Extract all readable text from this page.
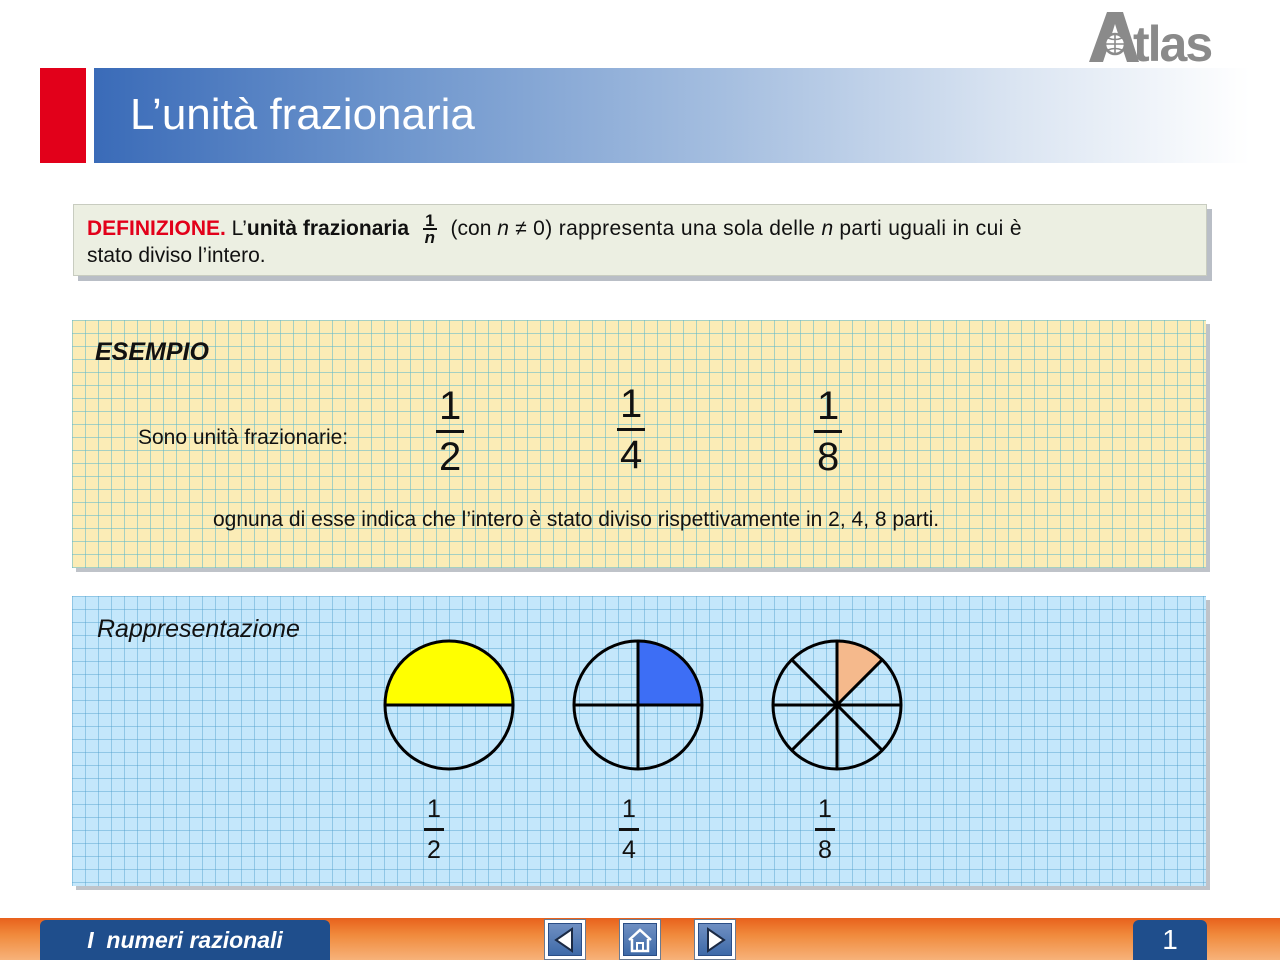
tlas
L’unità frazionaria
DEFINIZIONE. L’ unità frazionaria $\frac{1}{n} (con$ n ≠ 0) rappresenta una sola delle n parti uguali in cui è
stato diviso l’intero.
ESEMPIO
Sono unità frazionarie: $\frac{1}{2}$	$\frac{1}{4}$	$\frac{1}{8}$
ognuna di esse indica che l’intero è stato diviso rispettivamente in 2, 4, 8 parti.
Rappresentazione
$\frac{1}{2}$	$\frac{1}{4}$	$\frac{1}{8}$
I  numeri razionali	1
